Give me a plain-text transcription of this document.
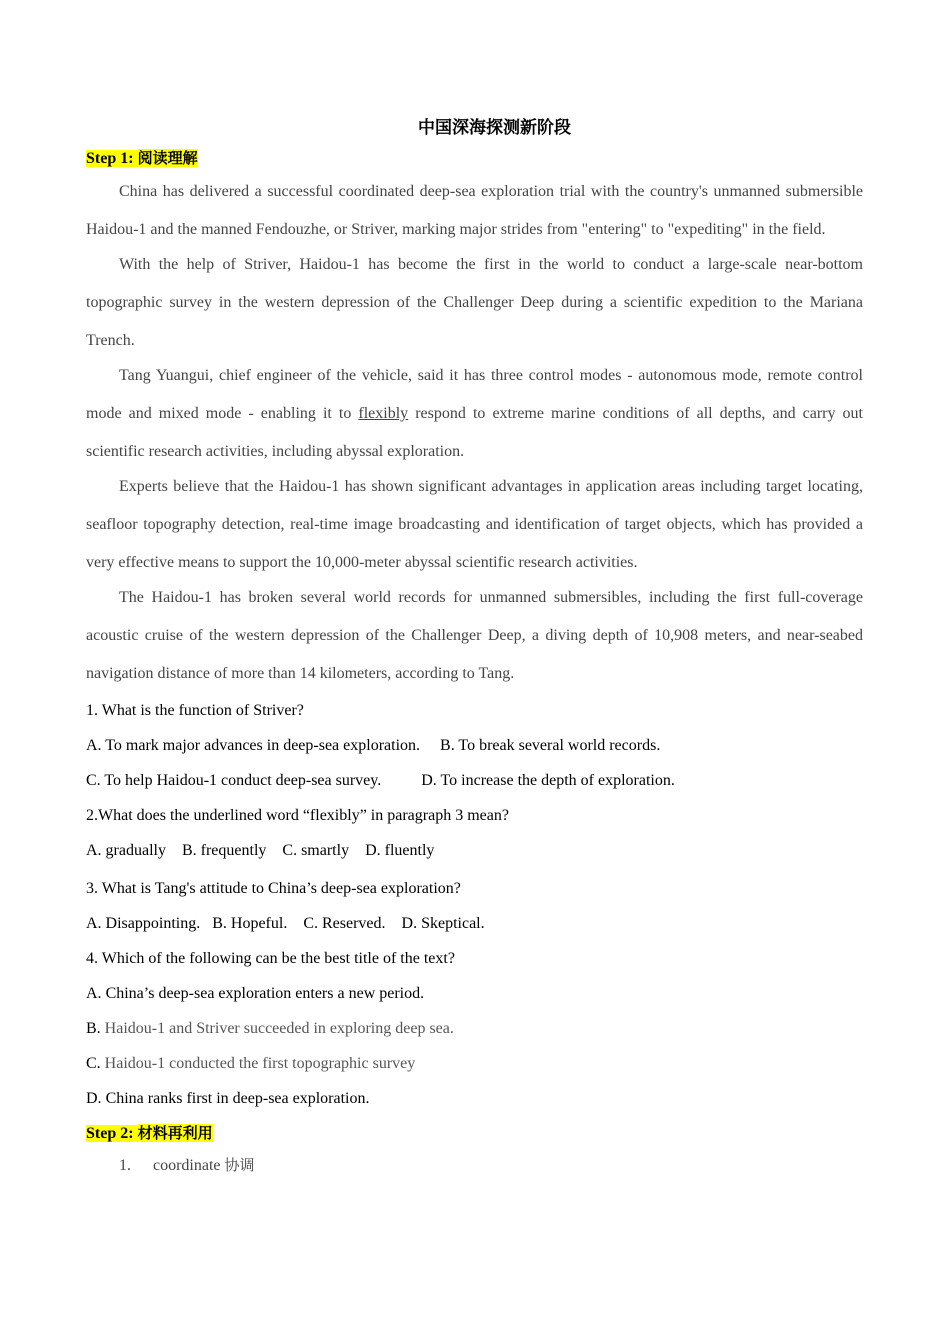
中国深海探测新阶段
Step 1: 阅读理解

China has delivered a successful coordinated deep-sea exploration trial with the country's unmanned submersible Haidou-1 and the manned Fendouzhe, or Striver, marking major strides from "entering" to "expediting" in the field.

With the help of Striver, Haidou-1 has become the first in the world to conduct a large-scale near-bottom topographic survey in the western depression of the Challenger Deep during a scientific expedition to the Mariana Trench.

Tang Yuangui, chief engineer of the vehicle, said it has three control modes - autonomous mode, remote control mode and mixed mode - enabling it to flexibly respond to extreme marine conditions of all depths, and carry out scientific research activities, including abyssal exploration.

Experts believe that the Haidou-1 has shown significant advantages in application areas including target locating, seafloor topography detection, real-time image broadcasting and identification of target objects, which has provided a very effective means to support the 10,000-meter abyssal scientific research activities.

The Haidou-1 has broken several world records for unmanned submersibles, including the first full-coverage acoustic cruise of the western depression of the Challenger Deep, a diving depth of 10,908 meters, and near-seabed navigation distance of more than 14 kilometers, according to Tang.

1. What is the function of Striver?
A. To mark major advances in deep-sea exploration.     B. To break several world records.
C. To help Haidou-1 conduct deep-sea survey.          D. To increase the depth of exploration.
2.What does the underlined word “flexibly” in paragraph 3 mean?
A. gradually    B. frequently    C. smartly    D. fluently
3. What is Tang's attitude to China’s deep-sea exploration?
A. Disappointing.   B. Hopeful.    C. Reserved.    D. Skeptical.
4. Which of the following can be the best title of the text?
A. China’s deep-sea exploration enters a new period.
B. Haidou-1 and Striver succeeded in exploring deep sea.
C. Haidou-1 conducted the first topographic survey
D. China ranks first in deep-sea exploration.
Step 2: 材料再利用
1. coordinate 协调
